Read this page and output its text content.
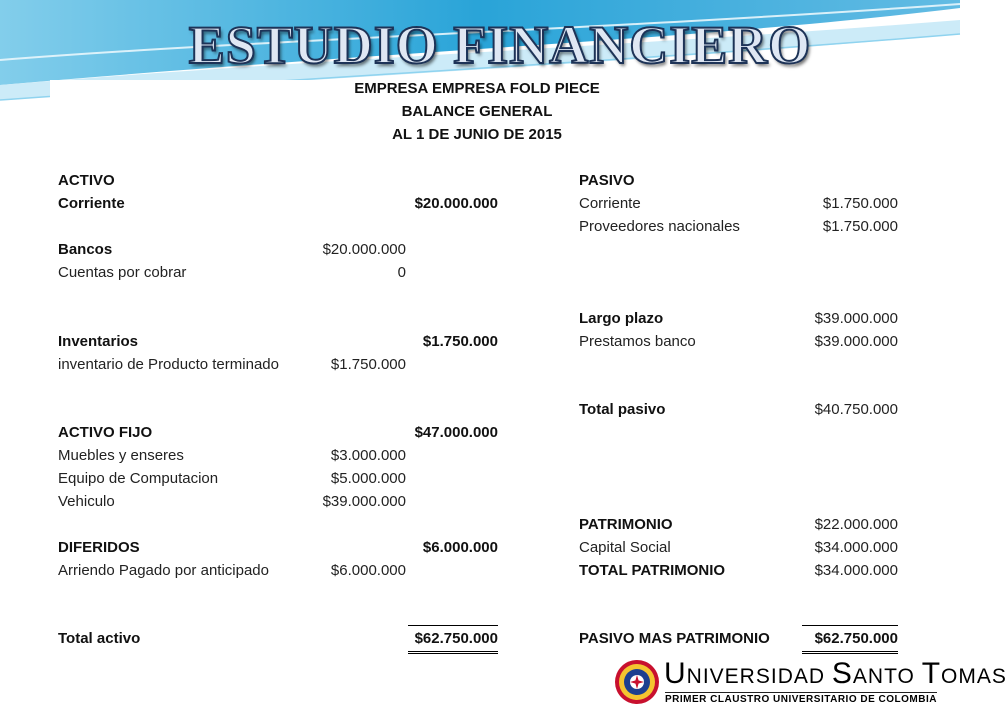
ESTUDIO FINANCIERO
EMPRESA EMPRESA FOLD PIECE
BALANCE GENERAL
AL 1 DE JUNIO DE 2015
ACTIVO
Corriente	$20.000.000
Bancos	$20.000.000
Cuentas por cobrar	0
Inventarios	$1.750.000
inventario de Producto terminado	$1.750.000
ACTIVO FIJO	$47.000.000
Muebles y enseres	$3.000.000
Equipo de Computacion	$5.000.000
Vehiculo	$39.000.000
DIFERIDOS	$6.000.000
Arriendo Pagado por anticipado	$6.000.000
Total activo	$62.750.000
PASIVO
Corriente	$1.750.000
Proveedores nacionales	$1.750.000
Largo plazo	$39.000.000
Prestamos banco	$39.000.000
Total pasivo	$40.750.000
PATRIMONIO	$22.000.000
Capital Social	$34.000.000
TOTAL PATRIMONIO	$34.000.000
PASIVO MAS PATRIMONIO	$62.750.000
UNIVERSIDAD SANTO TOMAS
PRIMER CLAUSTRO UNIVERSITARIO DE COLOMBIA
